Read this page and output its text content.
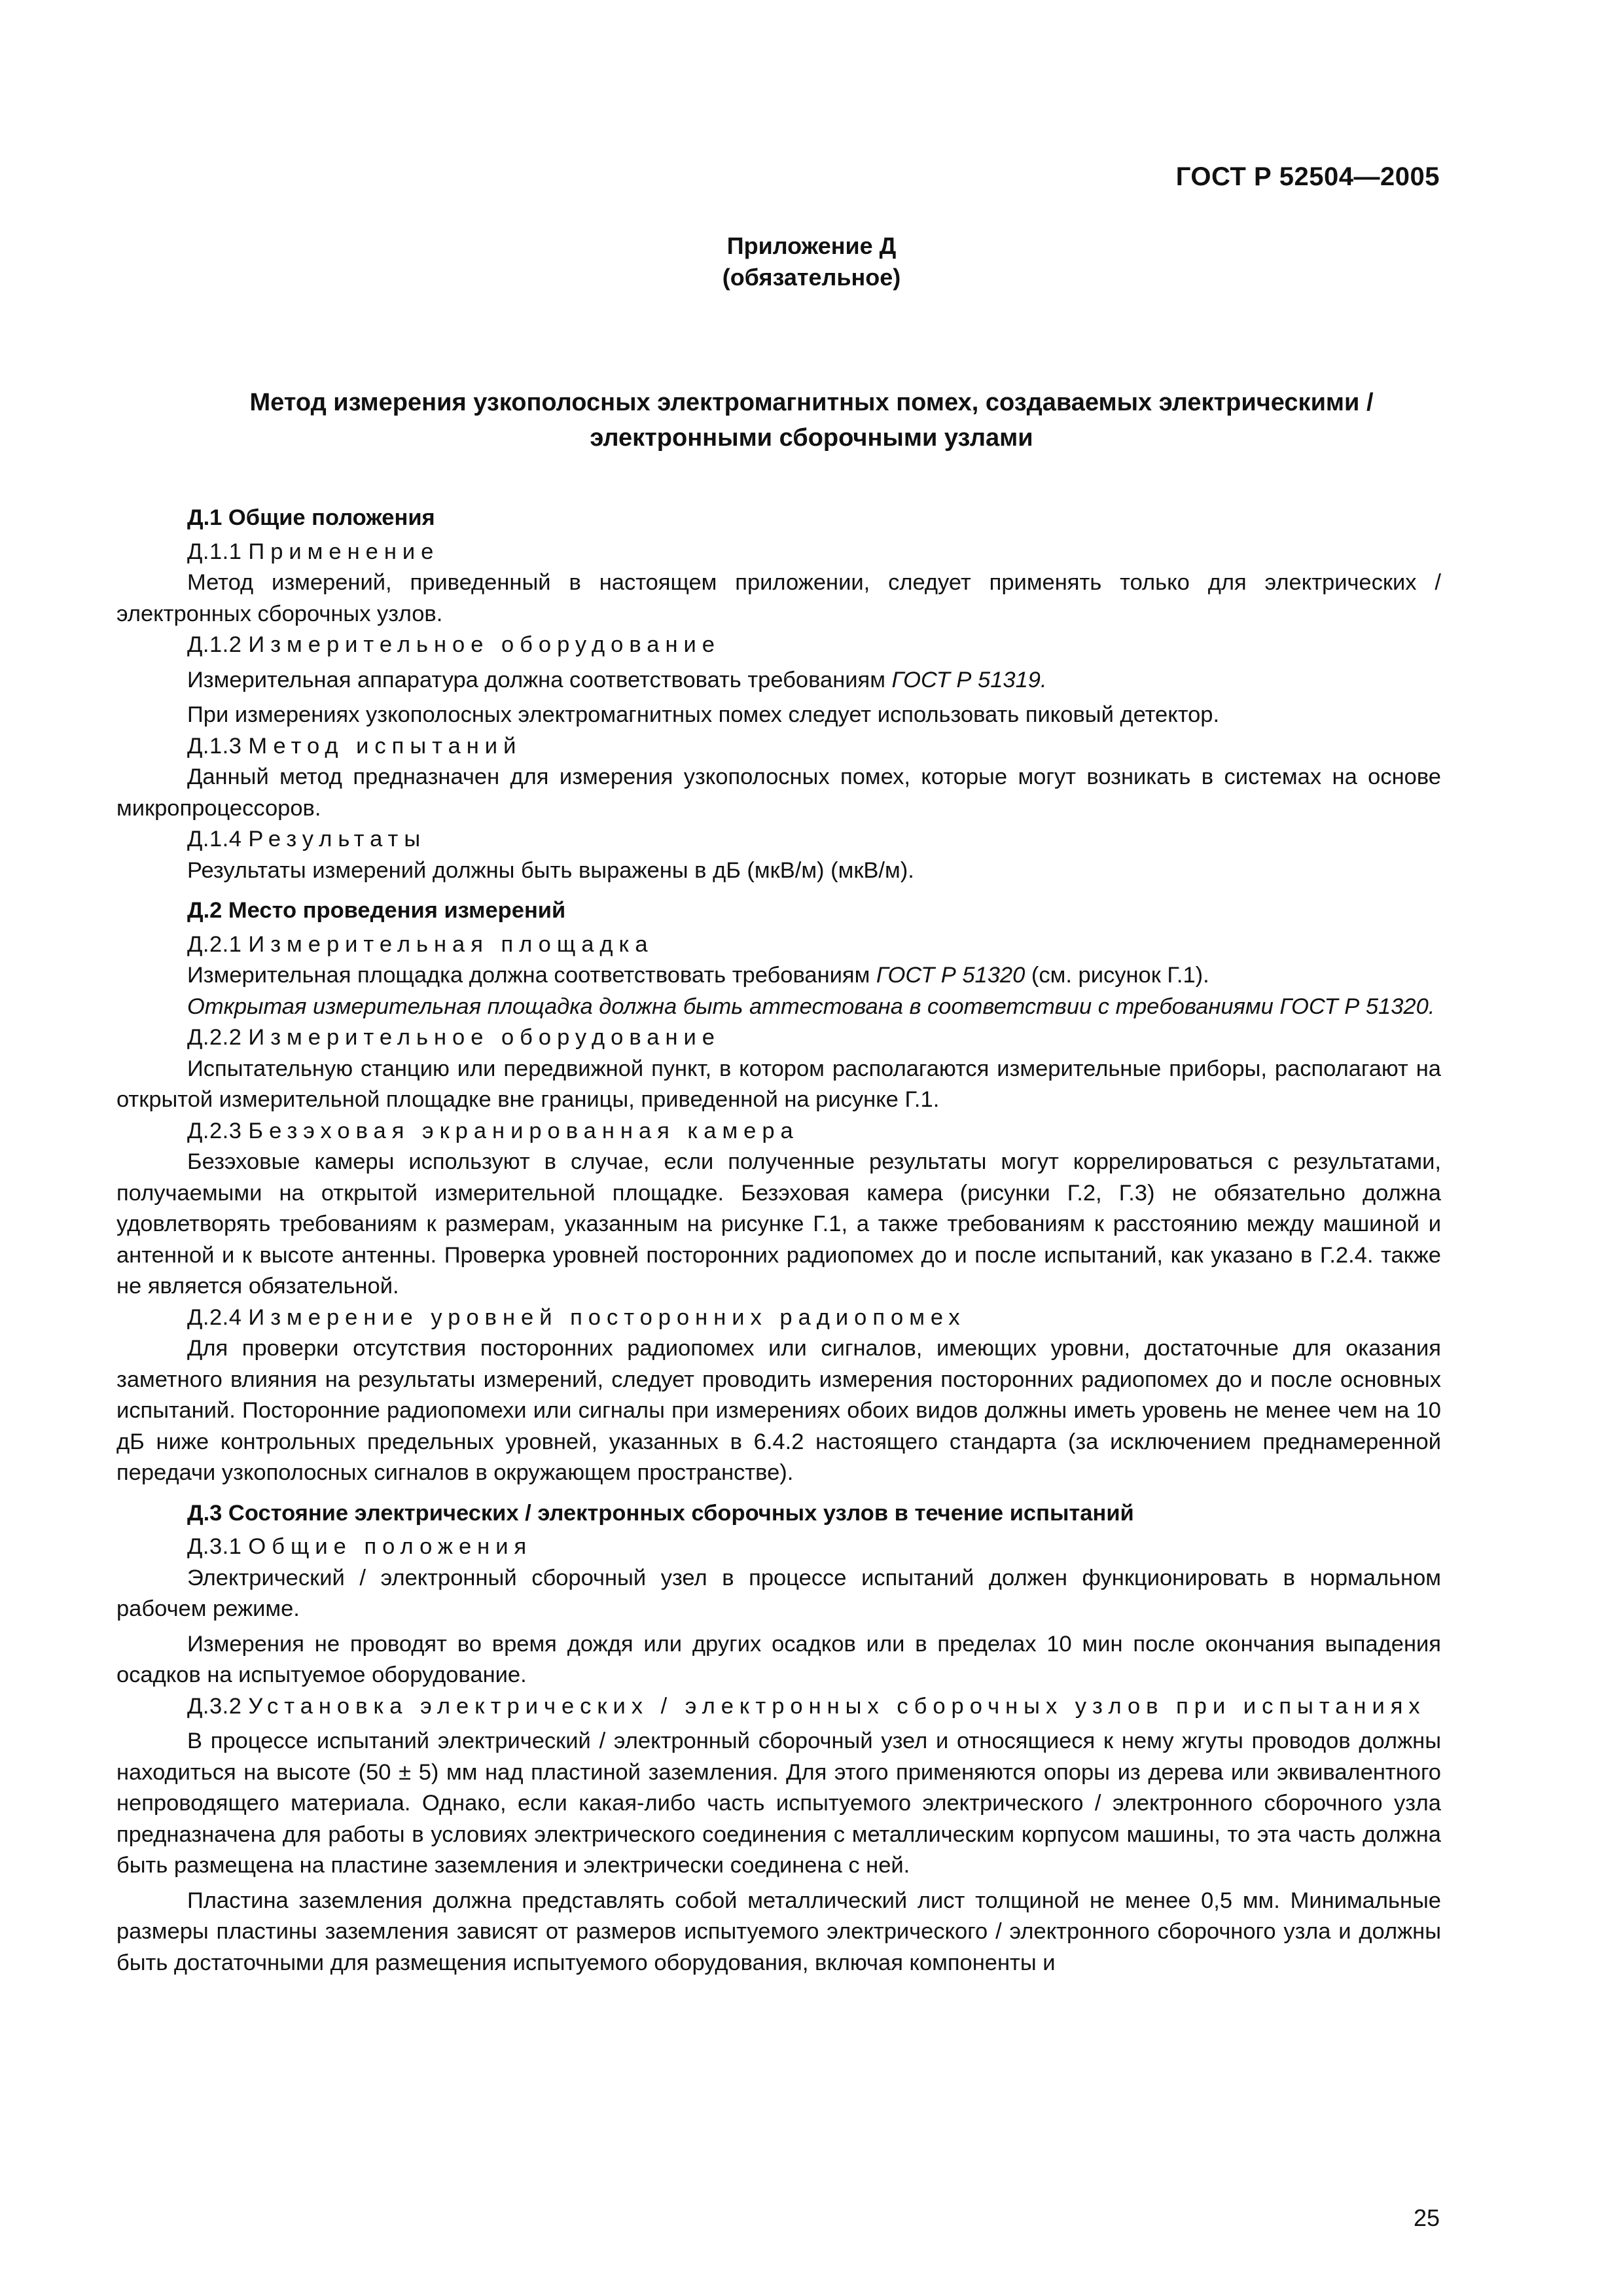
ГОСТ Р 52504—2005
Приложение Д
(обязательное)
Метод измерения узкополосных электромагнитных помех, создаваемых электрическими /
электронными сборочными узлами
Д.1 Общие положения
Д.1.1 Применение

Метод измерений, приведенный в настоящем приложении, следует применять только для электрических / электронных сборочных узлов.

Д.1.2 Измерительное оборудование

Измерительная аппаратура должна соответствовать требованиям ГОСТ Р 51319.

При измерениях узкополосных электромагнитных помех следует использовать пиковый детектор.

Д.1.3 Метод испытаний

Данный метод предназначен для измерения узкополосных помех, которые могут возникать в системах на основе микропроцессоров.

Д.1.4 Результаты

Результаты измерений должны быть выражены в дБ (мкВ/м) (мкВ/м).

Д.2 Место проведения измерений
Д.2.1 Измерительная площадка

Измерительная площадка должна соответствовать требованиям ГОСТ Р 51320 (см. рисунок Г.1).

Открытая измерительная площадка должна быть аттестована в соответствии с требованиями ГОСТ Р 51320.

Д.2.2 Измерительное оборудование

Испытательную станцию или передвижной пункт, в котором располагаются измерительные приборы, располагают на открытой измерительной площадке вне границы, приведенной на рисунке Г.1.

Д.2.3 Безэховая экранированная камера

Безэховые камеры используют в случае, если полученные результаты могут коррелироваться с результатами, получаемыми на открытой измерительной площадке. Безэховая камера (рисунки Г.2, Г.3) не обязательно должна удовлетворять требованиям к размерам, указанным на рисунке Г.1, а также требованиям к расстоянию между машиной и антенной и к высоте антенны. Проверка уровней посторонних радиопомех до и после испытаний, как указано в Г.2.4. также не является обязательной.

Д.2.4 Измерение уровней посторонних радиопомех

Для проверки отсутствия посторонних радиопомех или сигналов, имеющих уровни, достаточные для оказания заметного влияния на результаты измерений, следует проводить измерения посторонних радиопомех до и после основных испытаний. Посторонние радиопомехи или сигналы при измерениях обоих видов должны иметь уровень не менее чем на 10 дБ ниже контрольных предельных уровней, указанных в 6.4.2 настоящего стандарта (за исключением преднамеренной передачи узкополосных сигналов в окружающем пространстве).

Д.3 Состояние электрических / электронных сборочных узлов в течение испытаний
Д.3.1 Общие положения

Электрический / электронный сборочный узел в процессе испытаний должен функционировать в нормальном рабочем режиме.

Измерения не проводят во время дождя или других осадков или в пределах 10 мин после окончания выпадения осадков на испытуемое оборудование.

Д.3.2 Установка электрических / электронных сборочных узлов при испытаниях

В процессе испытаний электрический / электронный сборочный узел и относящиеся к нему жгуты проводов должны находиться на высоте (50 ± 5) мм над пластиной заземления. Для этого применяются опоры из дерева или эквивалентного непроводящего материала. Однако, если какая-либо часть испытуемого электрического / электронного сборочного узла предназначена для работы в условиях электрического соединения с металлическим корпусом машины, то эта часть должна быть размещена на пластине заземления и электрически соединена с ней.

Пластина заземления должна представлять собой металлический лист толщиной не менее 0,5 мм. Минимальные размеры пластины заземления зависят от размеров испытуемого электрического / электронного сборочного узла и должны быть достаточными для размещения испытуемого оборудования, включая компоненты и

25
